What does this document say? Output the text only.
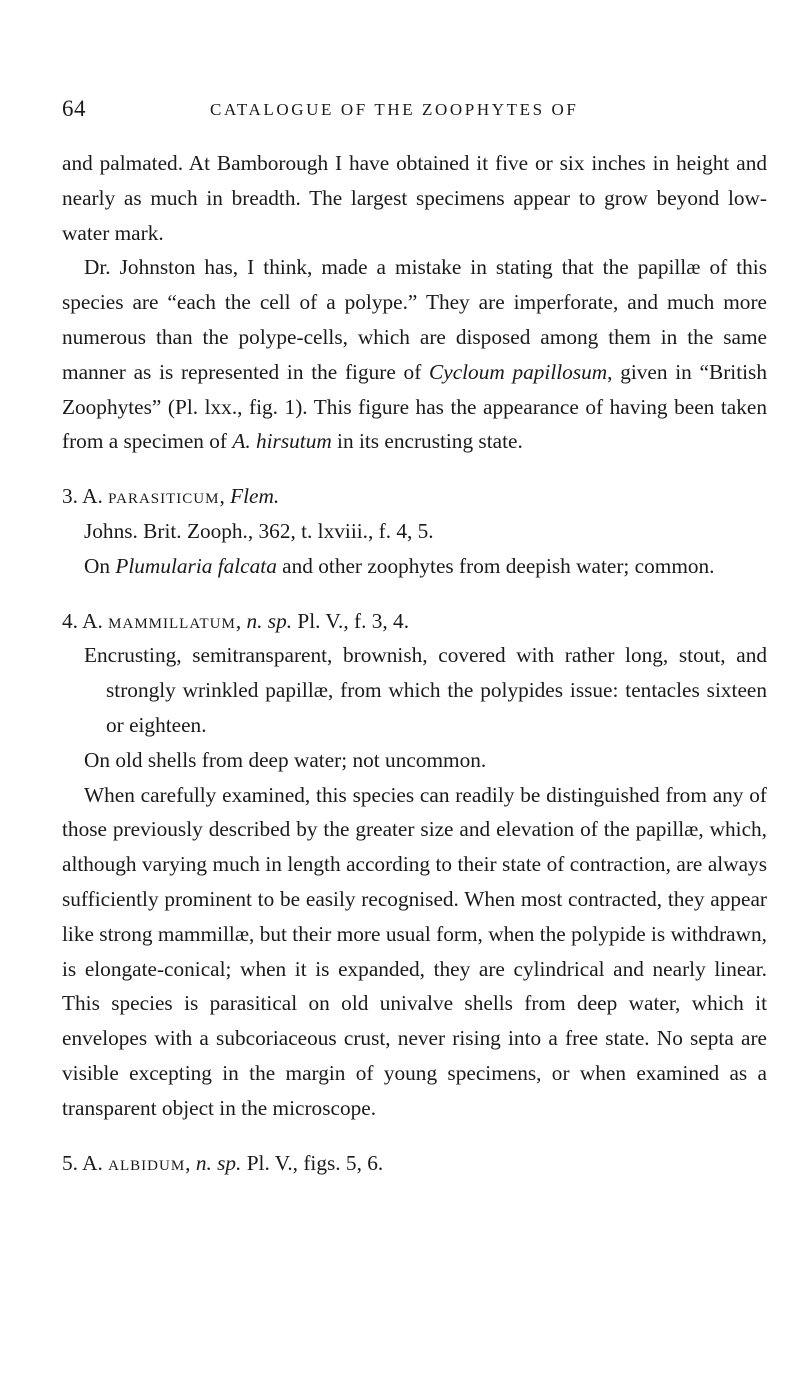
64	CATALOGUE OF THE ZOOPHYTES OF

and palmated. At Bamborough I have obtained it five or six inches in height and nearly as much in breadth. The largest specimens appear to grow beyond low-water mark.

Dr. Johnston has, I think, made a mistake in stating that the papillæ of this species are “each the cell of a polype.” They are imperforate, and much more numerous than the polype-cells, which are disposed among them in the same manner as is represented in the figure of Cycloum papillosum, given in “British Zoophytes” (Pl. lxx., fig. 1). This figure has the appearance of having been taken from a specimen of A. hirsutum in its encrusting state.

3. A. parasiticum, Flem.

Johns. Brit. Zooph., 362, t. lxviii., f. 4, 5.

On Plumularia falcata and other zoophytes from deepish water; common.

4. A. mammillatum, n. sp. Pl. V., f. 3, 4.

Encrusting, semitransparent, brownish, covered with rather long, stout, and strongly wrinkled papillæ, from which the polypides issue: tentacles sixteen or eighteen.

On old shells from deep water; not uncommon.

When carefully examined, this species can readily be distinguished from any of those previously described by the greater size and elevation of the papillæ, which, although varying much in length according to their state of contraction, are always sufficiently prominent to be easily recognised. When most contracted, they appear like strong mammillæ, but their more usual form, when the polypide is withdrawn, is elongate-conical; when it is expanded, they are cylindrical and nearly linear. This species is parasitical on old univalve shells from deep water, which it envelopes with a subcoriaceous crust, never rising into a free state. No septa are visible excepting in the margin of young specimens, or when examined as a transparent object in the microscope.

5. A. albidum, n. sp. Pl. V., figs. 5, 6.
